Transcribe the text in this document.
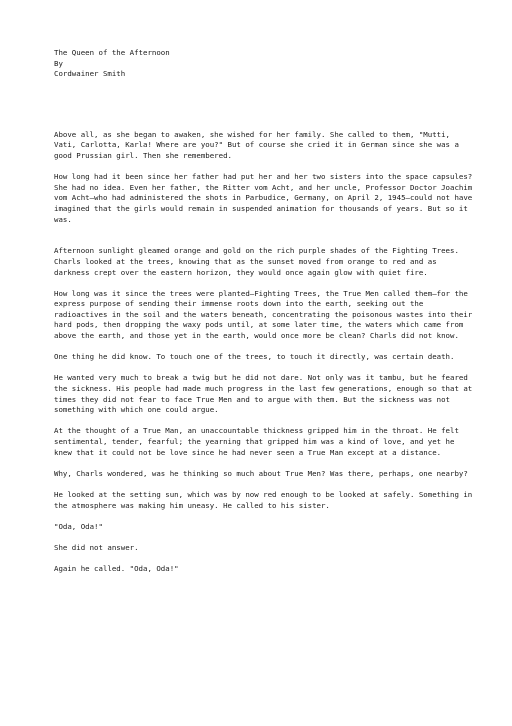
The Queen of the Afternoon

By

Cordwainer Smith

Above all, as she began to awaken, she wished for her family. She called to them, "Mutti, Vati, Carlotta, Karla! Where are you?" But of course she cried it in German since she was a good Prussian girl. Then she remembered.

How long had it been since her father had put her and her two sisters into the space capsules? She had no idea. Even her father, the Ritter vom Acht, and her uncle, Professor Doctor Joachim vom Acht—who had administered the shots in Parbudice, Germany, on April 2, 1945—could not have imagined that the girls would remain in suspended animation for thousands of years. But so it was.

Afternoon sunlight gleamed orange and gold on the rich purple shades of the Fighting Trees. Charls looked at the trees, knowing that as the sunset moved from orange to red and as darkness crept over the eastern horizon, they would once again glow with quiet fire.

How long was it since the trees were planted—Fighting Trees, the True Men called them—for the express purpose of sending their immense roots down into the earth, seeking out the radioactives in the soil and the waters beneath, concentrating the poisonous wastes into their hard pods, then dropping the waxy pods until, at some later time, the waters which came from above the earth, and those yet in the earth, would once more be clean? Charls did not know.

One thing he did know. To touch one of the trees, to touch it directly, was certain death.

He wanted very much to break a twig but he did not dare. Not only was it tambu, but he feared the sickness. His people had made much progress in the last few generations, enough so that at times they did not fear to face True Men and to argue with them. But the sickness was not something with which one could argue.

At the thought of a True Man, an unaccountable thickness gripped him in the throat. He felt sentimental, tender, fearful; the yearning that gripped him was a kind of love, and yet he knew that it could not be love since he had never seen a True Man except at a distance.

Why, Charls wondered, was he thinking so much about True Men? Was there, perhaps, one nearby?

He looked at the setting sun, which was by now red enough to be looked at safely. Something in the atmosphere was making him uneasy. He called to his sister.

"Oda, Oda!"

She did not answer.

Again he called. "Oda, Oda!"
